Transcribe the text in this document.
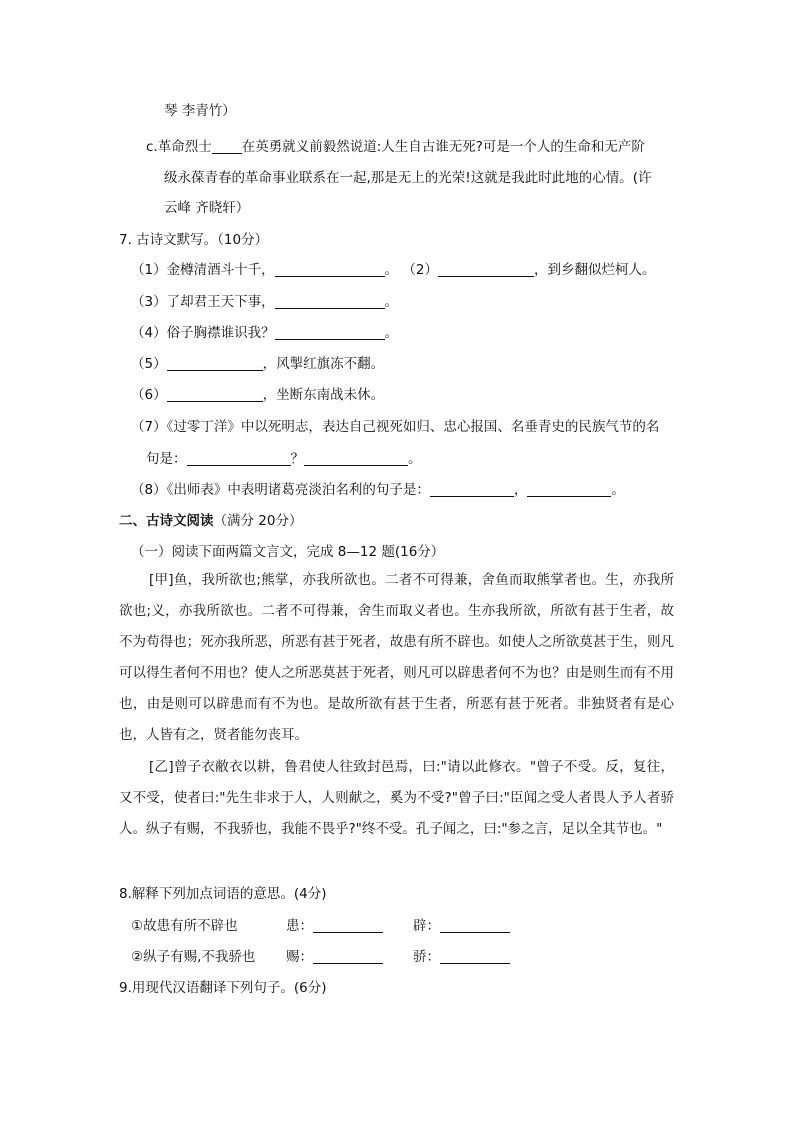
琴 李青竹）
c.革命烈士 在英勇就义前毅然说道:人生自古谁无死?可是一个人的生命和无产阶
级永葆青春的革命事业联系在一起,那是无上的光荣!这就是我此时此地的心情。(许
云峰 齐晓轩）
7. 古诗文默写。（10分）
（1）金樽清酒斗十千，	。 （2）	，到乡翻似烂柯人。
（3）了却君王天下事，	。
（4）俗子胸襟谁识我？	。
（5）	，风掣红旗冻不翻。
（6）	，坐断东南战未休。
（7）《过零丁洋》中以死明志，表达自己视死如归、忠心报国、名垂青史的民族气节的名
句是：	？	。
（8）《出师表》中表明诸葛亮淡泊名利的句子是：	，	。
二、古诗文阅读（满分 20分）
（一）阅读下面两篇文言文，完成 8—12 题(16分）
[甲]鱼，我所欲也;熊掌，亦我所欲也。二者不可得兼，舍鱼而取熊掌者也。生，亦我所欲也;义，亦我所欲也。二者不可得兼，舍生而取义者也。生亦我所欲，所欲有甚于生者，故不为苟得也；死亦我所恶，所恶有甚于死者，故患有所不辟也。如使人之所欲莫甚于生，则凡可以得生者何不用也？使人之所恶莫甚于死者，则凡可以辟患者何不为也？由是则生而有不用也，由是则可以辟患而有不为也。是故所欲有甚于生者，所恶有甚于死者。非独贤者有是心也，人皆有之，贤者能勿丧耳。
[乙]曾子衣敝衣以耕，鲁君使人往致封邑焉，曰:"请以此修衣。"曾子不受。反，复往，又不受，使者曰:"先生非求于人，人则献之，奚为不受?"曾子曰:"臣闻之受人者畏人予人者骄人。纵子有赐，不我骄也，我能不畏乎?"终不受。孔子闻之，曰:"参之言，足以全其节也。"
8.解释下列加点词语的意思。(4分)
①故患有所不辟也	患：	辟：
②纵子有赐,不我骄也 赐：	骄：
9.用现代汉语翻译下列句子。(6分)
